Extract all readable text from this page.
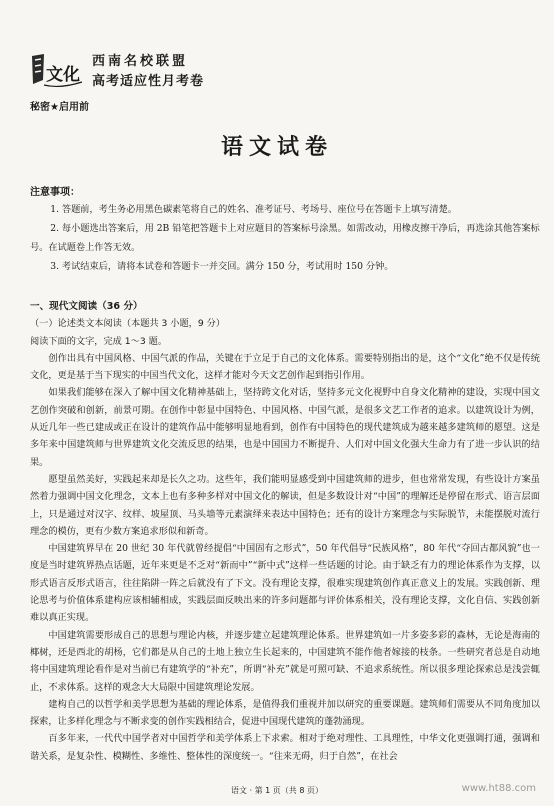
文化
西南名校联盟
高考适应性月考卷
秘密★启用前
语文试卷
注意事项：
1. 答题前，考生务必用黑色碳素笔将自己的姓名、准考证号、考场号、座位号在答题卡上填写清楚。
2. 每小题选出答案后，用 2B 铅笔把答题卡上对应题目的答案标号涂黑。如需改动，用橡皮擦干净后，再选涂其他答案标号。在试题卷上作答无效。
3. 考试结束后，请将本试卷和答题卡一并交回。满分 150 分，考试用时 150 分钟。
一、现代文阅读（36 分）
（一）论述类文本阅读（本题共 3 小题，9 分）
阅读下面的文字，完成 1～3 题。

创作出具有中国风格、中国气派的作品，关键在于立足于自己的文化体系。需要特别指出的是，这个“文化”绝不仅是传统文化，更是基于当下现实的中国当代文化，这样才能对今天文艺创作起到指引作用。

如果我们能够在深入了解中国文化精神基础上，坚持跨文化对话，坚持多元文化视野中自身文化精神的建设，实现中国文艺创作突破和创新，前景可期。在创作中彰显中国特色、中国风格、中国气派，是很多文艺工作者的追求。以建筑设计为例，从近几年一些已建成或正在设计的建筑作品中能够明显地看到，创作有中国特色的现代建筑成为越来越多建筑师的愿望。这是多年来中国建筑师与世界建筑文化交流反思的结果，也是中国国力不断提升、人们对中国文化强大生命力有了进一步认识的结果。

愿望虽然美好，实践起来却是长久之功。这些年，我们能明显感受到中国建筑师的进步，但也常常发现，有些设计方案虽然着力强调中国文化理念，文本上也有多种多样对中国文化的解读，但是多数设计对“中国”的理解还是停留在形式、语言层面上，只是通过对汉字、纹样、坡屋顶、马头墙等元素演绎来表达中国特色；还有的设计方案理念与实际脱节，未能摆脱对流行理念的模仿，更有少数方案追求形似和新奇。

中国建筑界早在 20 世纪 30 年代就曾经提倡“中国固有之形式”，50 年代倡导“民族风格”，80 年代“夺回古都风貌”也一度是当时建筑界热点话题，近年来更是不乏对“新而中”“新中式”这样一些话题的讨论。由于缺乏有力的理论体系作为支撑，以形式语言反形式语言，往往陷阱一阵之后就没有了下文。没有理论支撑，很难实现建筑创作真正意义上的发展。实践创新、理论思考与价值体系建构应该相辅相成，实践层面反映出来的许多问题都与评价体系相关，没有理论支撑，文化自信、实践创新难以真正实现。

中国建筑需要形成自己的思想与理论内核，并逐步建立起建筑理论体系。世界建筑如一片多姿多彩的森林，无论是海南的椰树，还是西北的胡杨，它们都是从自己的土地上独立生长起来的，中国建筑不能作他者嫁接的枝条。一些研究者总是自动地将中国建筑理论看作是对当前已有建筑学的“补充”，所谓“补充”就是可照可缺、不追求系统性。所以很多理论探索总是浅尝辄止，不求体系。这样的观念大大局限中国建筑理论发展。

建构自己的以哲学和美学思想为基础的理论体系，是值得我们重视并加以研究的重要课题。建筑师们需要从不同角度加以探索，让多样化理念与不断求变的创作实践相结合，促进中国现代建筑的蓬勃涌现。

百多年来，一代代中国学者对中国哲学和美学体系上下求索。相对于绝对理性、工具理性，中华文化更强调打通，强调和谐关系，是复杂性、模糊性、多维性、整体性的深度统一。“往来无碍，归于自然”，在社会

语文 · 第 1 页（共 8 页）	www.ht88.com
